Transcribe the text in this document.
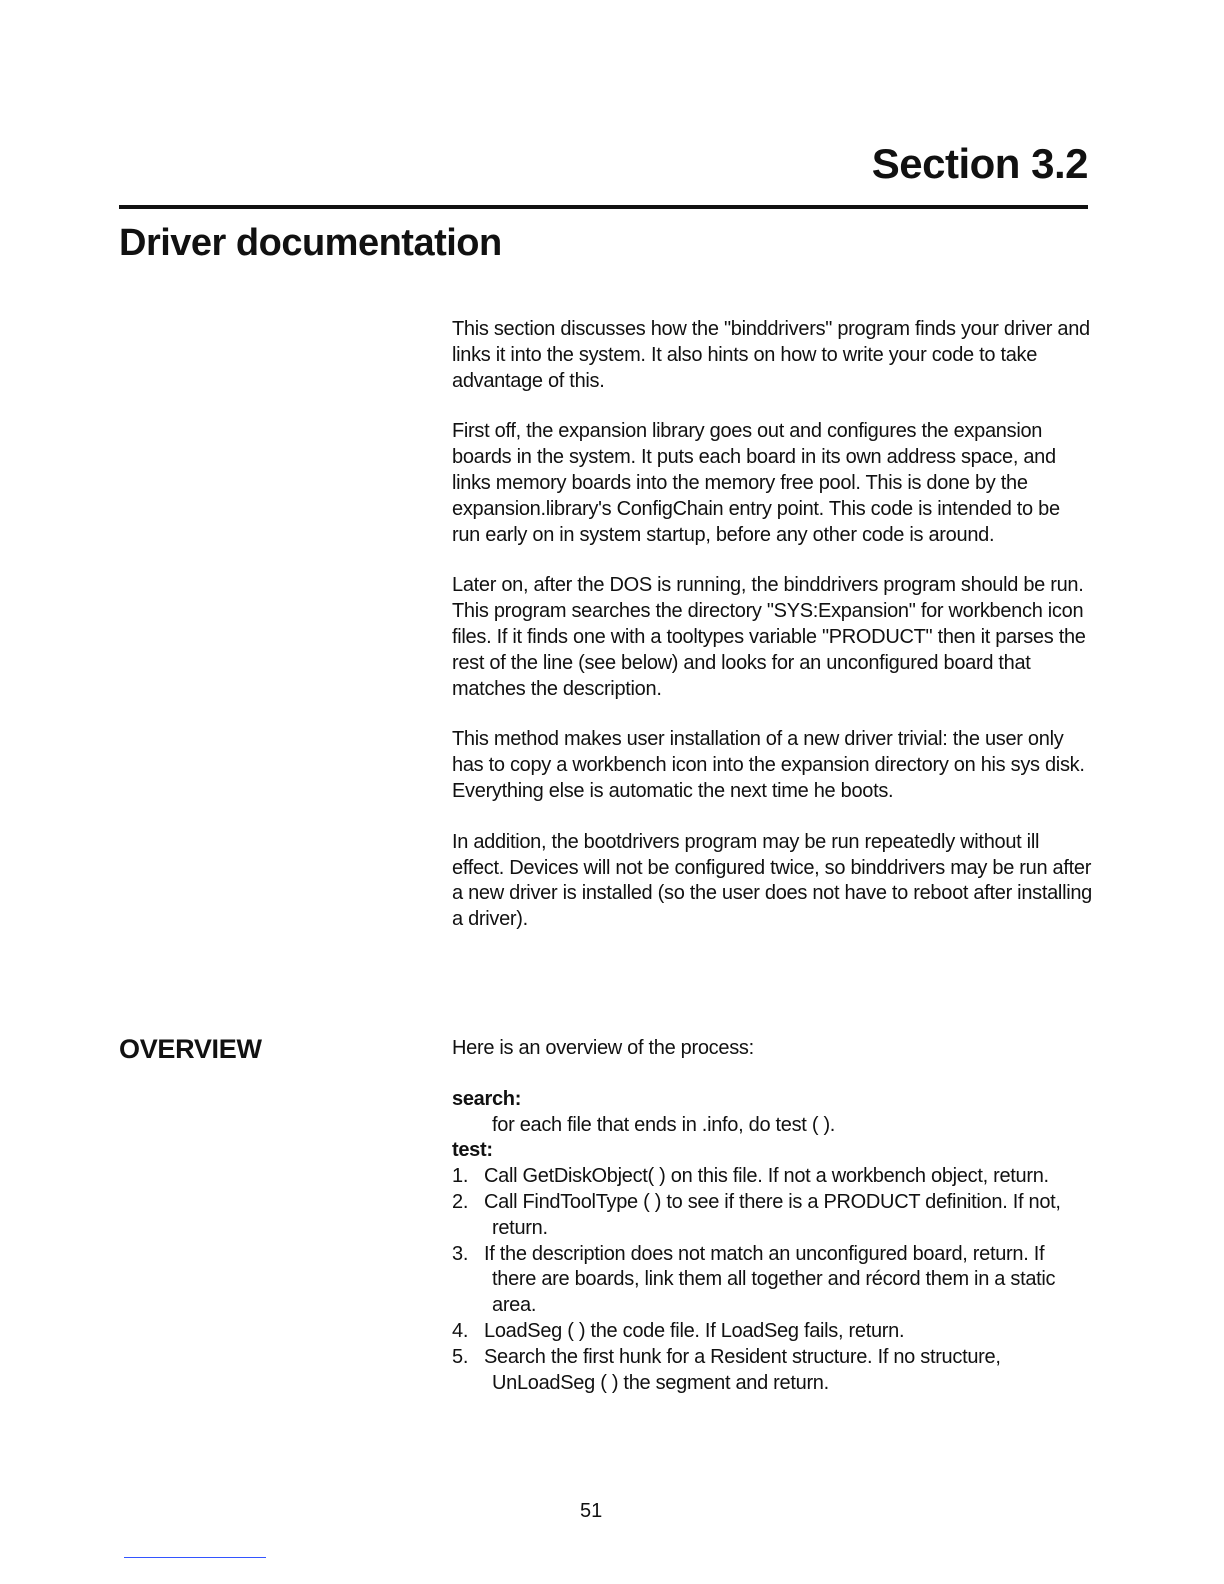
Section 3.2
Driver documentation

This section discusses how the "binddrivers" program finds your driver and links it into the system. It also hints on how to write your code to take advantage of this.

First off, the expansion library goes out and configures the expansion boards in the system. It puts each board in its own address space, and links memory boards into the memory free pool. This is done by the expansion.library's ConfigChain entry point. This code is intended to be run early on in system startup, before any other code is around.

Later on, after the DOS is running, the binddrivers program should be run. This program searches the directory "SYS:Expansion" for workbench icon files. If it finds one with a tooltypes variable "PRODUCT" then it parses the rest of the line (see below) and looks for an unconfigured board that matches the description.

This method makes user installation of a new driver trivial: the user only has to copy a workbench icon into the expansion directory on his sys disk. Everything else is automatic the next time he boots.

In addition, the bootdrivers program may be run repeatedly without ill effect. Devices will not be configured twice, so binddrivers may be run after a new driver is installed (so the user does not have to reboot after installing a driver).

OVERVIEW	Here is an overview of the process:

search:

for each file that ends in .info, do test ( ).

test:

1. Call GetDiskObject( ) on this file. If not a workbench object, return.
2. Call FindToolType ( ) to see if there is a PRODUCT definition. If not, return.
3. If the description does not match an unconfigured board, return. If there are boards, link them all together and récord them in a static area.
4. LoadSeg ( ) the code file. If LoadSeg fails, return.
5. Search the first hunk for a Resident structure. If no structure, UnLoadSeg ( ) the segment and return.

51
